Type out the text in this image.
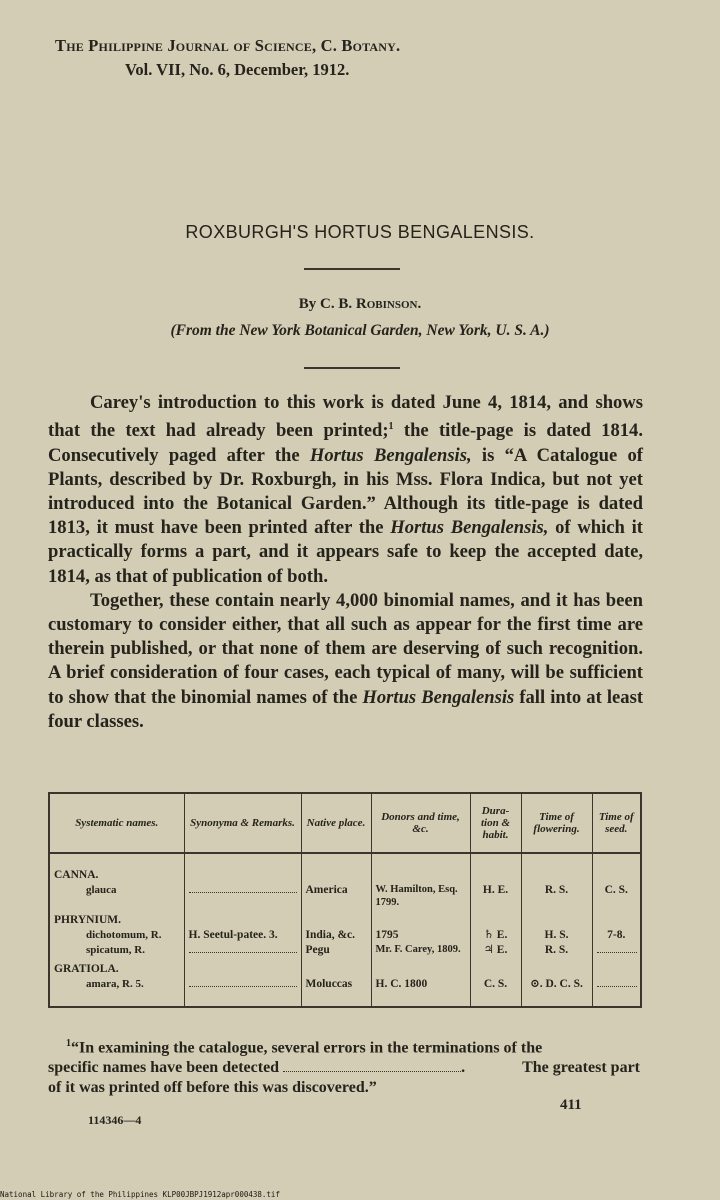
The Philippine Journal of Science, C. Botany.
Vol. VII, No. 6, December, 1912.
ROXBURGH'S HORTUS BENGALENSIS.
By C. B. Robinson.
(From the New York Botanical Garden, New York, U. S. A.)

Carey's introduction to this work is dated June 4, 1814, and shows that the text had already been printed;$^1$ the title-page is dated 1814. Consecutively paged after the Hortus Bengalensis, is “A Catalogue of Plants, described by Dr. Roxburgh, in his Mss. Flora Indica, but not yet introduced into the Botanical Garden.” Although its title-page is dated 1813, it must have been printed after the Hortus Bengalensis, of which it practically forms a part, and it appears safe to keep the accepted date, 1814, as that of publication of both.

Together, these contain nearly 4,000 binomial names, and it has been customary to consider either, that all such as appear for the first time are therein published, or that none of them are deserving of such recognition. A brief consideration of four cases, each typical of many, will be sufficient to show that the binomial names of the Hortus Bengalensis fall into at least four classes.

Systematic names.	Synonyma & Remarks.	Native place.	Donors and time, &c.	Dura-tion & habit.	Time of flowering.	Time of seed.
CANNA.						
glauca		America	W. Hamilton, Esq. 1799.	H. E.	R. S.	C. S.
PHRYNIUM.						
dichotomum, R.	H. Seetul-patee. 3.	India, &c.	1795	♄ E.	H. S.	7-8.
spicatum, R.		Pegu	Mr. F. Carey, 1809.	♃ E.	R. S.	
GRATIOLA.						
amara, R. 5.		Moluccas	H. C. 1800	C. S.	⊙. D. C. S.	

$^1$“In examining the catalogue, several errors in the terminations of the

specific names have been detected	.	The greatest part
of it was printed off before this was discovered.”
411
114346—4
National Library of the Philippines KLP00JBPJ1912apr000438.tif
